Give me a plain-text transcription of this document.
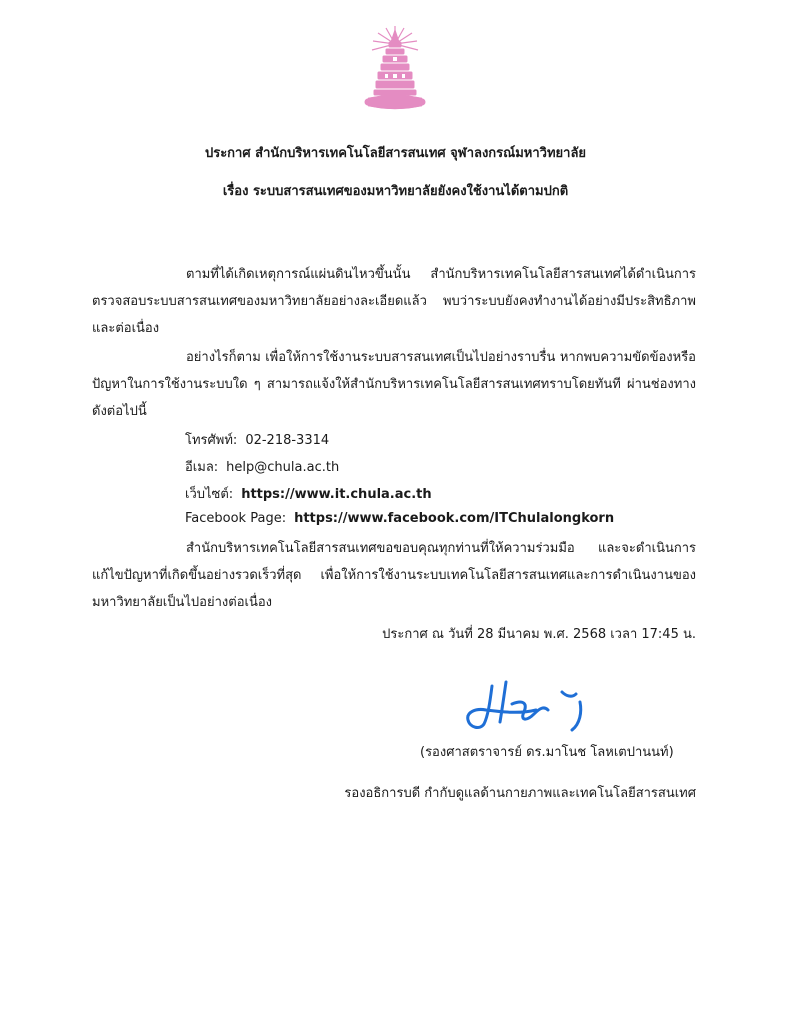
ประกาศ สำนักบริหารเทคโนโลยีสารสนเทศ จุฬาลงกรณ์มหาวิทยาลัย
เรื่อง ระบบสารสนเทศของมหาวิทยาลัยยังคงใช้งานได้ตามปกติ
ตามที่ได้เกิดเหตุการณ์แผ่นดินไหวขึ้นนั้น สำนักบริหารเทคโนโลยีสารสนเทศได้ดำเนินการตรวจสอบระบบสารสนเทศของมหาวิทยาลัยอย่างละเอียดแล้ว พบว่าระบบยังคงทำงานได้อย่างมีประสิทธิภาพและต่อเนื่อง
อย่างไรก็ตาม เพื่อให้การใช้งานระบบสารสนเทศเป็นไปอย่างราบรื่น หากพบความขัดข้องหรือปัญหาในการใช้งานระบบใด ๆ สามารถแจ้งให้สำนักบริหารเทคโนโลยีสารสนเทศทราบโดยทันที ผ่านช่องทางดังต่อไปนี้
โทรศัพท์: 02-218-3314
อีเมล: help@chula.ac.th
เว็บไซต์: https://www.it.chula.ac.th
Facebook Page: https://www.facebook.com/ITChulalongkorn
สำนักบริหารเทคโนโลยีสารสนเทศขอขอบคุณทุกท่านที่ให้ความร่วมมือ และจะดำเนินการแก้ไขปัญหาที่เกิดขึ้นอย่างรวดเร็วที่สุด เพื่อให้การใช้งานระบบเทคโนโลยีสารสนเทศและการดำเนินงานของมหาวิทยาลัยเป็นไปอย่างต่อเนื่อง
ประกาศ ณ วันที่ 28 มีนาคม พ.ศ. 2568 เวลา 17:45 น.
(รองศาสตราจารย์ ดร.มาโนช โลหเตปานนท์)
รองอธิการบดี กำกับดูแลด้านกายภาพและเทคโนโลยีสารสนเทศ
